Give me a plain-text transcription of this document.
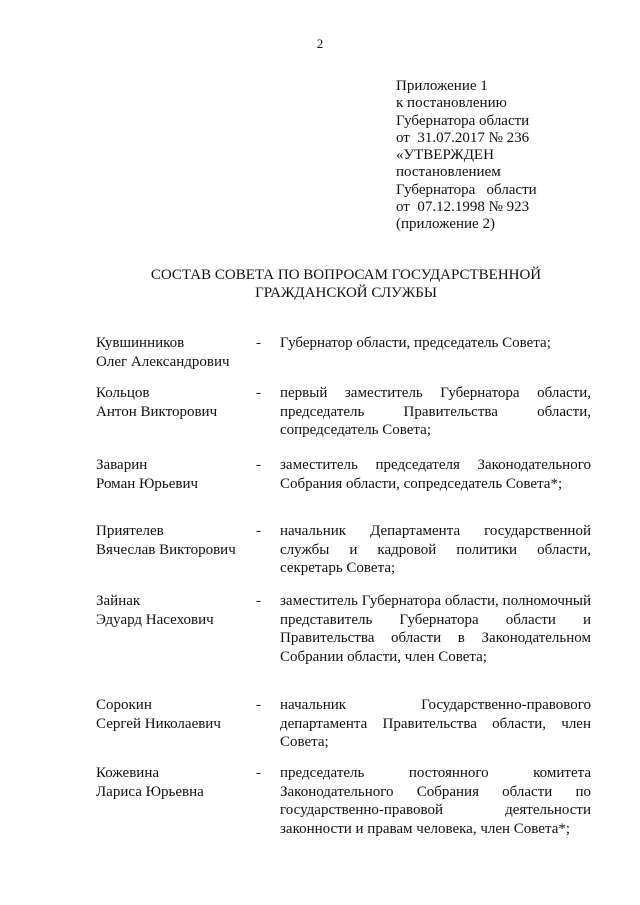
2
Приложение 1
к постановлению
Губернатора области
от  31.07.2017 № 236
«УТВЕРЖДЕН
постановлением
Губернатора   области
от  07.12.1998 № 923
(приложение 2)
СОСТАВ СОВЕТА ПО ВОПРОСАМ ГОСУДАРСТВЕННОЙ
ГРАЖДАНСКОЙ СЛУЖБЫ
Кувшинников
Олег Александрович
-	Губернатор области, председатель Совета;
Кольцов
Антон Викторович
-	первый заместитель Губернатора области, председатель Правительства области, сопредседатель Совета;
Заварин
Роман Юрьевич
-	заместитель председателя Законодательного Собрания области, сопредседатель Совета*;
Приятелев
Вячеслав Викторович
-	начальник Департамента государственной службы и кадровой политики области, секретарь Совета;
Зайнак
Эдуард Насехович
-	заместитель Губернатора области, полномочный представитель Губернатора области и Правительства области в Законодательном Собрании области, член Совета;
Сорокин
Сергей Николаевич
-	начальник Государственно-правового департамента Правительства области, член Совета;
Кожевина
Лариса Юрьевна
-	председатель постоянного комитета Законодательного Собрания области по государственно-правовой деятельности законности и правам человека, член Совета*;
